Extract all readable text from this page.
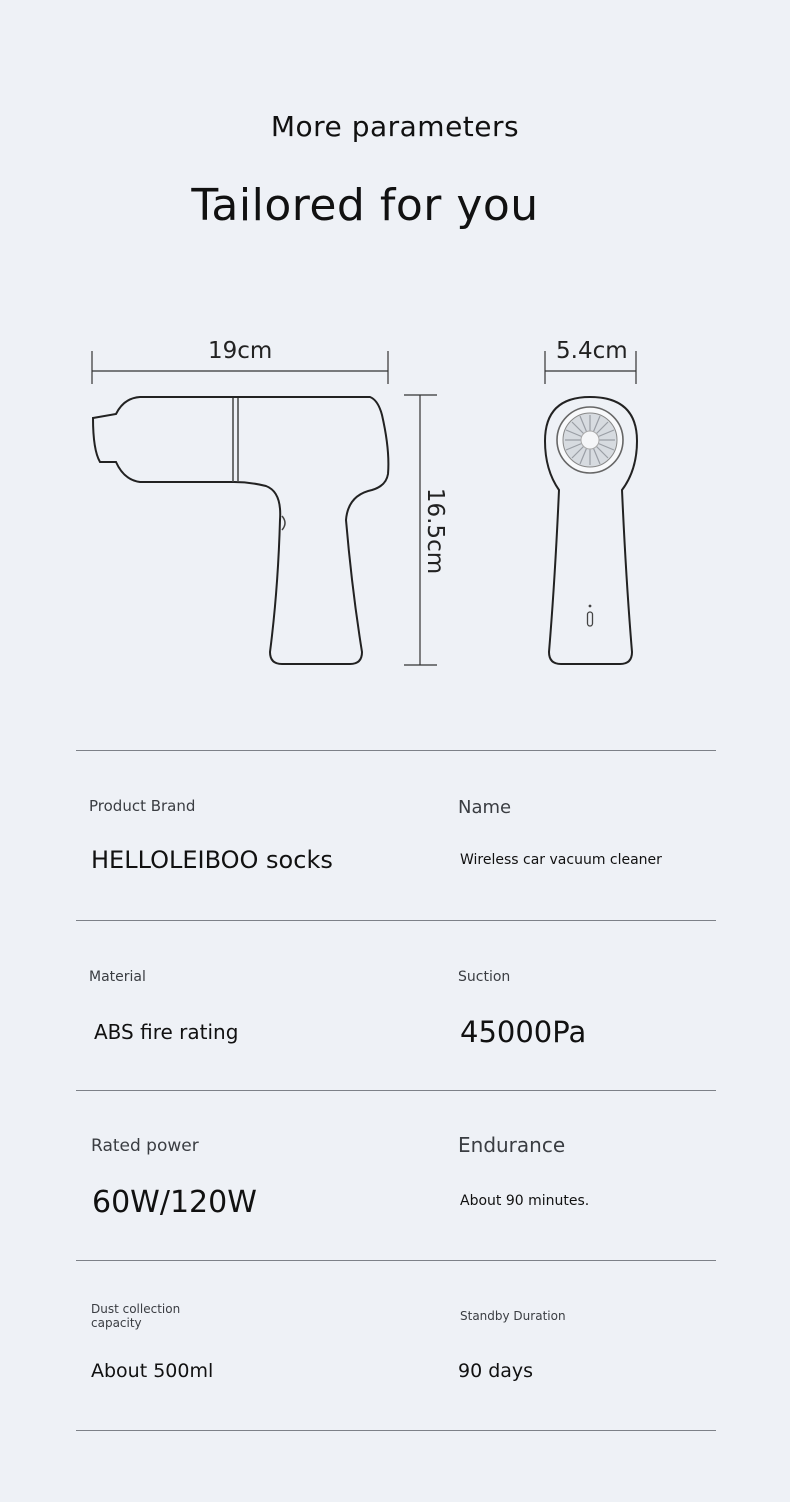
More parameters
Tailored for you
19cm	5.4cm
16.5cm
Product Brand
HELLOLEIBOO socks
Name
Wireless car vacuum cleaner
Material
ABS fire rating
Suction
45000Pa
Rated power
60W/120W
Endurance
About 90 minutes.
Dust collection capacity
About 500ml
Standby Duration
90 days
